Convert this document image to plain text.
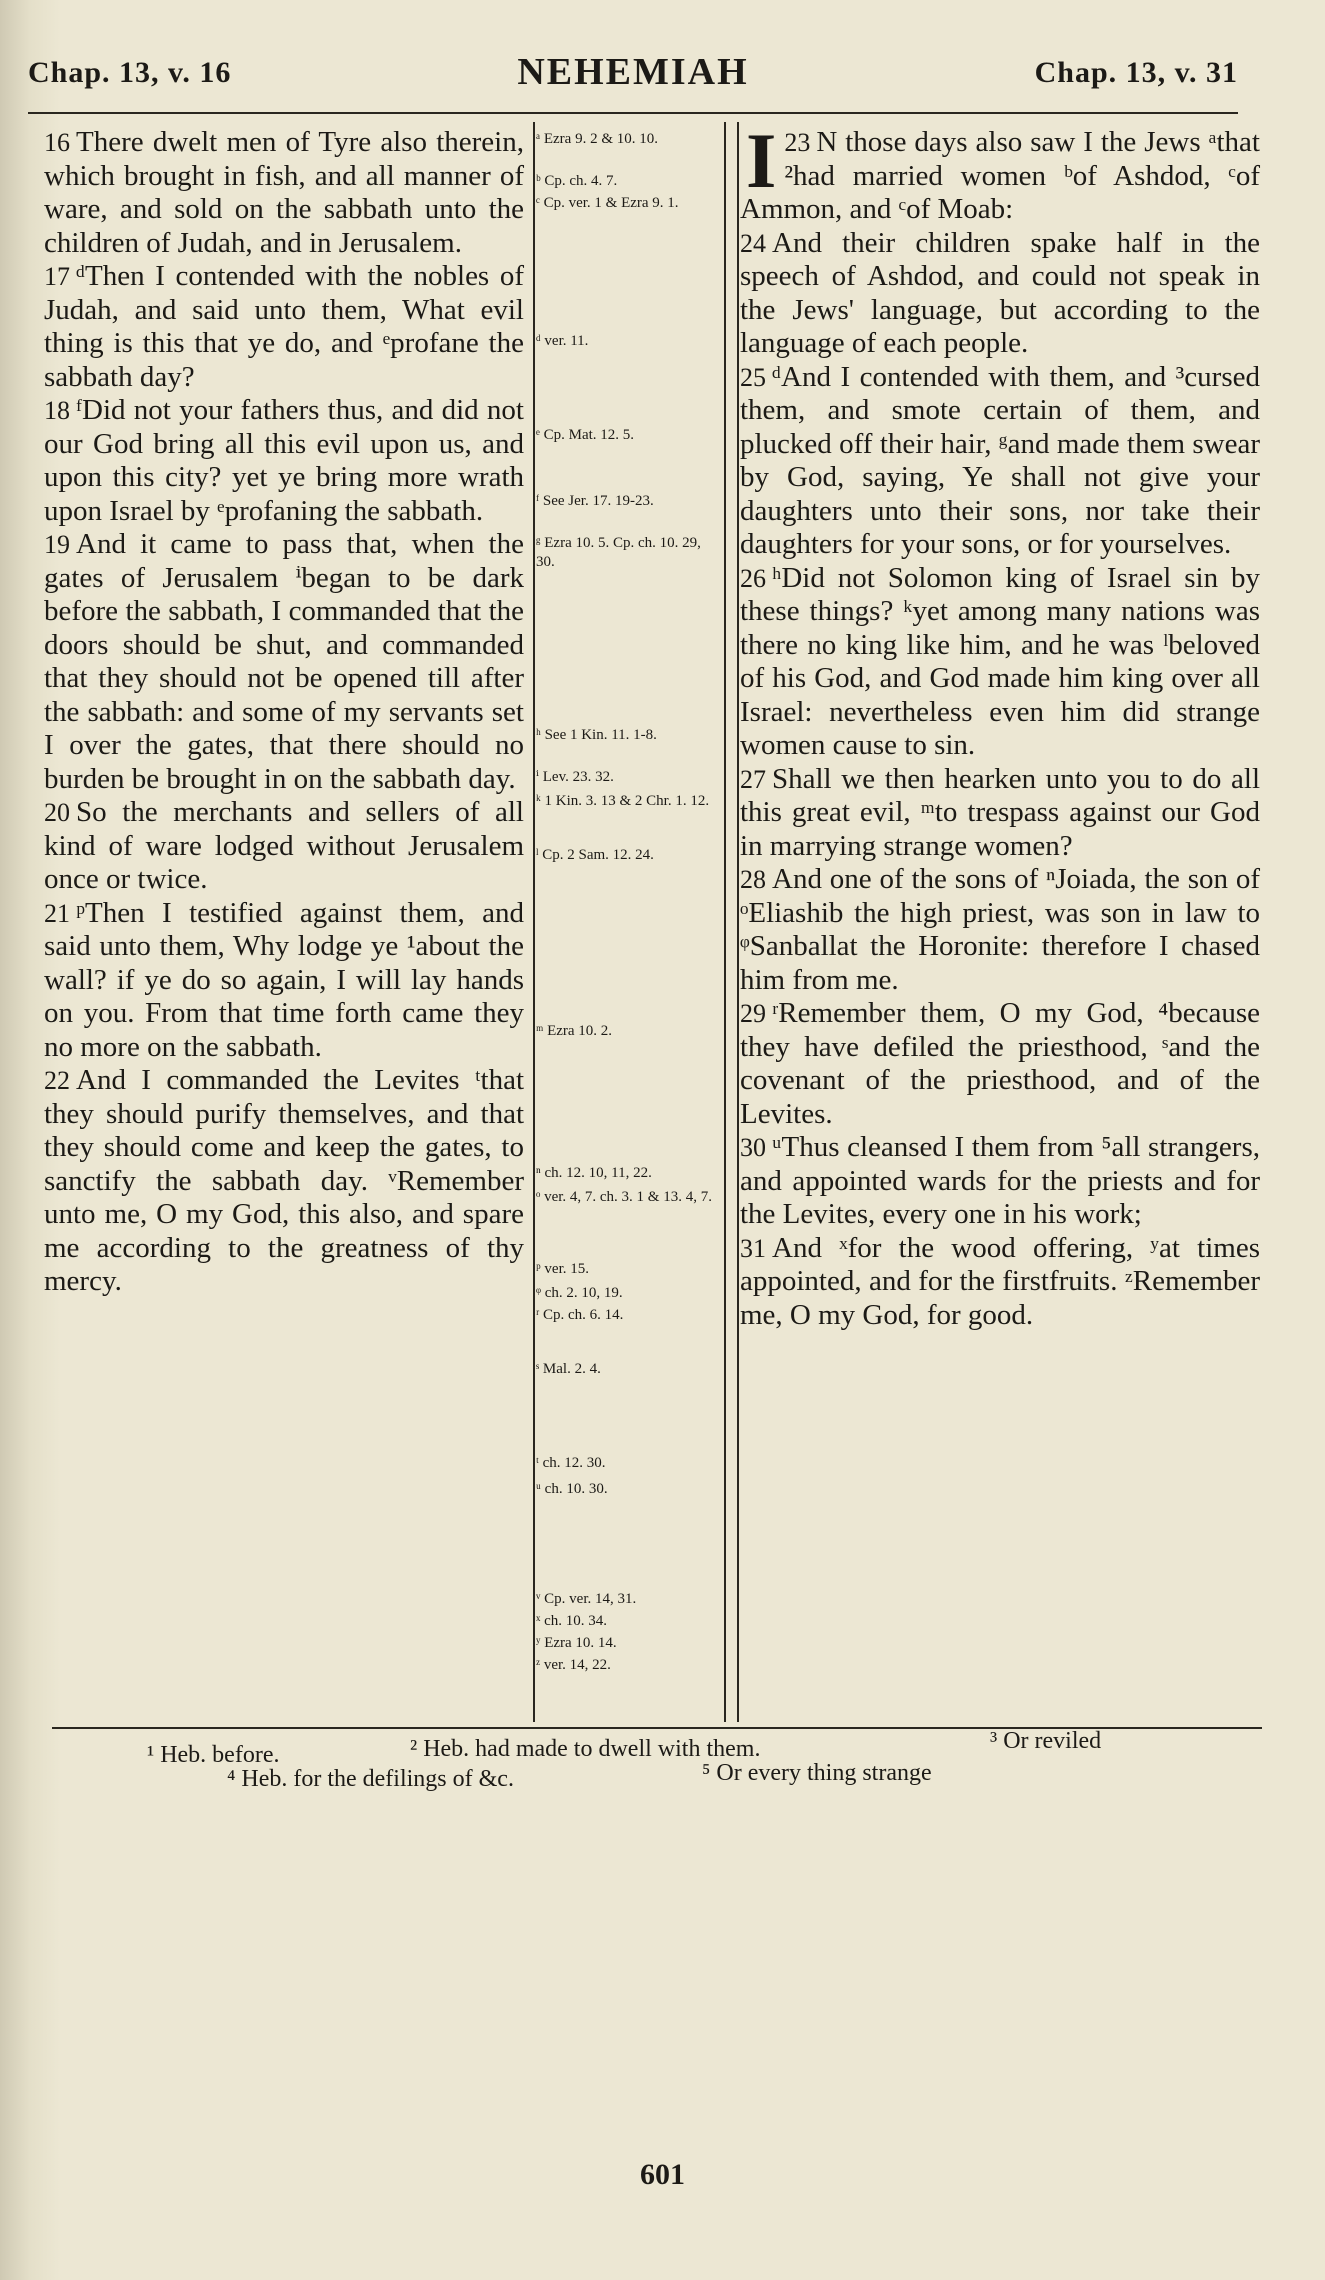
Chap. 13, v. 16	NEHEMIAH	Chap. 13, v. 31

16 There dwelt men of Tyre also therein, which brought in fish, and all manner of ware, and sold on the sabbath unto the children of Judah, and in Jerusalem.

17 ᵈThen I contended with the nobles of Judah, and said unto them, What evil thing is this that ye do, and ᵉprofane the sabbath day?

18 ᶠDid not your fathers thus, and did not our God bring all this evil upon us, and upon this city? yet ye bring more wrath upon Israel by ᵉprofaning the sabbath.

19 And it came to pass that, when the gates of Jerusalem ⁱbegan to be dark before the sabbath, I commanded that the doors should be shut, and commanded that they should not be opened till after the sabbath: and some of my servants set I over the gates, that there should no burden be brought in on the sabbath day.

20 So the merchants and sellers of all kind of ware lodged without Jerusalem once or twice.

21 ᵖThen I testified against them, and said unto them, Why lodge ye ¹about the wall? if ye do so again, I will lay hands on you. From that time forth came they no more on the sabbath.

22 And I commanded the Levites ᵗthat they should purify themselves, and that they should come and keep the gates, to sanctify the sabbath day. ᵛRemember unto me, O my God, this also, and spare me according to the greatness of thy mercy.

ᵃ Ezra 9. 2 & 10. 10.
ᵇ Cp. ch. 4. 7.
ᶜ Cp. ver. 1 & Ezra 9. 1.
ᵈ ver. 11.
ᵉ Cp. Mat. 12. 5.
ᶠ See Jer. 17. 19-23.
ᵍ Ezra 10. 5. Cp. ch. 10. 29, 30.
ʰ See 1 Kin. 11. 1-8.
ⁱ Lev. 23. 32.
ᵏ 1 Kin. 3. 13 & 2 Chr. 1. 12.
ˡ Cp. 2 Sam. 12. 24.
ᵐ Ezra 10. 2.
ⁿ ch. 12. 10, 11, 22.
ᵒ ver. 4, 7. ch. 3. 1 & 13. 4, 7.
ᵖ ver. 15.
ᵠ ch. 2. 10, 19.
ʳ Cp. ch. 6. 14.
ˢ Mal. 2. 4.
ᵗ ch. 12. 30.
ᵘ ch. 10. 30.
ᵛ Cp. ver. 14, 31.
ˣ ch. 10. 34.
ʸ Ezra 10. 14.
ᶻ ver. 14, 22.

23
I N those days also saw I the Jews ᵃthat ²had married women ᵇof Ashdod, ᶜof Ammon, and ᶜof Moab:

24 And their children spake half in the speech of Ashdod, and could not speak in the Jews' language, but according to the language of each people.

25 ᵈAnd I contended with them, and ³cursed them, and smote certain of them, and plucked off their hair, ᵍand made them swear by God, saying, Ye shall not give your daughters unto their sons, nor take their daughters for your sons, or for yourselves.

26 ʰDid not Solomon king of Israel sin by these things? ᵏyet among many nations was there no king like him, and he was ˡbeloved of his God, and God made him king over all Israel: nevertheless even him did strange women cause to sin.

27 Shall we then hearken unto you to do all this great evil, ᵐto trespass against our God in marrying strange women?

28 And one of the sons of ⁿJoiada, the son of ᵒEliashib the high priest, was son in law to ᵠSanballat the Horonite: therefore I chased him from me.

29 ʳRemember them, O my God, ⁴because they have defiled the priesthood, ˢand the covenant of the priesthood, and of the Levites.

30 ᵘThus cleansed I them from ⁵all strangers, and appointed wards for the priests and for the Levites, every one in his work;

31 And ˣfor the wood offering, ʸat times appointed, and for the firstfruits. ᶻRemember me, O my God, for good.

¹ Heb. before.	² Heb. had made to dwell with them.	³ Or reviled
⁴ Heb. for the defilings of &c.	⁵ Or every thing strange
601
